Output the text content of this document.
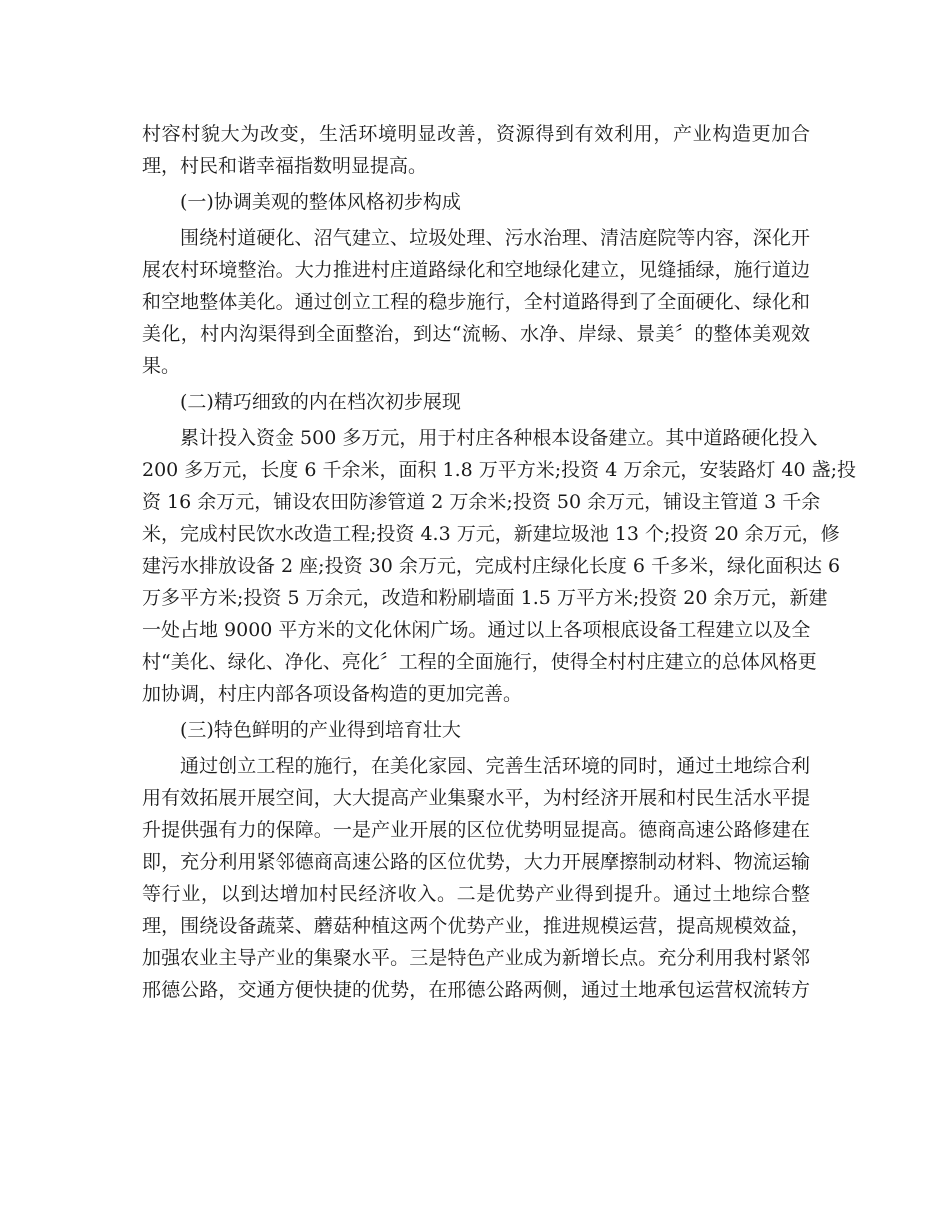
村容村貌大为改变，生活环境明显改善，资源得到有效利用，产业构造更加合
理，村民和谐幸福指数明显提高。
(一)协调美观的整体风格初步构成
围绕村道硬化、沼气建立、垃圾处理、污水治理、清洁庭院等内容，深化开
展农村环境整治。大力推进村庄道路绿化和空地绿化建立，见缝插绿，施行道边
和空地整体美化。通过创立工程的稳步施行，全村道路得到了全面硬化、绿化和
美化，村内沟渠得到全面整治，到达“流畅、水净、岸绿、景美〞的整体美观效
果。
(二)精巧细致的内在档次初步展现
累计投入资金 500 多万元，用于村庄各种根本设备建立。其中道路硬化投入
200 多万元，长度 6 千余米，面积 1.8 万平方米;投资 4 万余元，安装路灯 40 盏;投
资 16 余万元，铺设农田防渗管道 2 万余米;投资 50 余万元，铺设主管道 3 千余
米，完成村民饮水改造工程;投资 4.3 万元，新建垃圾池 13 个;投资 20 余万元，修
建污水排放设备 2 座;投资 30 余万元，完成村庄绿化长度 6 千多米，绿化面积达 6
万多平方米;投资 5 万余元，改造和粉刷墙面 1.5 万平方米;投资 20 余万元，新建
一处占地 9000 平方米的文化休闲广场。通过以上各项根底设备工程建立以及全
村“美化、绿化、净化、亮化〞工程的全面施行，使得全村村庄建立的总体风格更
加协调，村庄内部各项设备构造的更加完善。
(三)特色鲜明的产业得到培育壮大
通过创立工程的施行，在美化家园、完善生活环境的同时，通过土地综合利
用有效拓展开展空间，大大提高产业集聚水平，为村经济开展和村民生活水平提
升提供强有力的保障。一是产业开展的区位优势明显提高。德商高速公路修建在
即，充分利用紧邻德商高速公路的区位优势，大力开展摩擦制动材料、物流运输
等行业，以到达增加村民经济收入。二是优势产业得到提升。通过土地综合整
理，围绕设备蔬菜、蘑菇种植这两个优势产业，推进规模运营，提高规模效益，
加强农业主导产业的集聚水平。三是特色产业成为新增长点。充分利用我村紧邻
邢德公路，交通方便快捷的优势，在邢德公路两侧，通过土地承包运营权流转方
